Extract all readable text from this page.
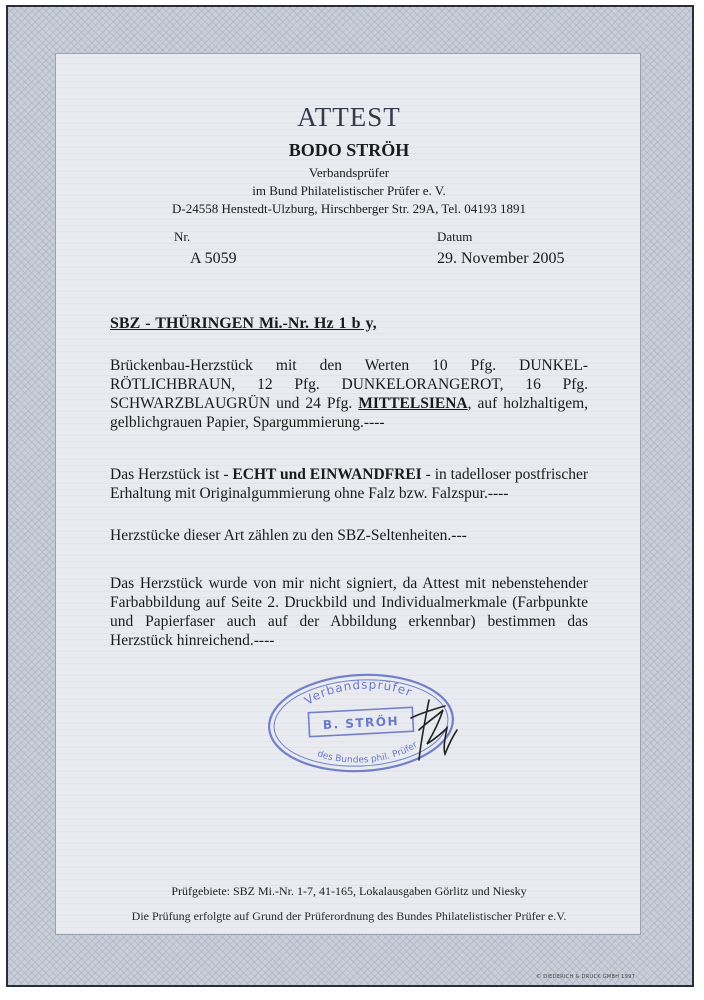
ATTEST
BODO STRÖH
Verbandsprüfer
im Bund Philatelistischer Prüfer e. V.
D-24558 Henstedt-Ulzburg, Hirschberger Str. 29A, Tel. 04193 1891
Nr.	Datum
A 5059	29. November 2005
SBZ - THÜRINGEN Mi.-Nr. Hz 1 b y,
Brückenbau-Herzstück mit den Werten 10 Pfg. DUNKEL-RÖTLICHBRAUN, 12 Pfg. DUNKELORANGEROT, 16 Pfg. SCHWARZBLAUGRÜN und 24 Pfg. MITTELSIENA, auf holzhaltigem, gelblichgrauen Papier, Spargummierung.----
Das Herzstück ist - ECHT und EINWANDFREI - in tadelloser postfrischer Erhaltung mit Originalgummierung ohne Falz bzw. Falzspur.----
Herzstücke dieser Art zählen zu den SBZ-Seltenheiten.---
Das Herzstück wurde von mir nicht signiert, da Attest mit nebenstehender Farbabbildung auf Seite 2. Druckbild und Individualmerkmale (Farbpunkte und Papierfaser auch auf der Abbildung erkennbar) bestimmen das Herzstück hinreichend.----
Verbandsprüfer
B. STRÖH
des Bundes phil. Prüfer
Prüfgebiete: SBZ Mi.-Nr. 1-7, 41-165, Lokalausgaben Görlitz und Niesky
Die Prüfung erfolgte auf Grund der Prüferordnung des Bundes Philatelistischer Prüfer e.V.
© DIEDERICH & DRUCK GMBH 1997
